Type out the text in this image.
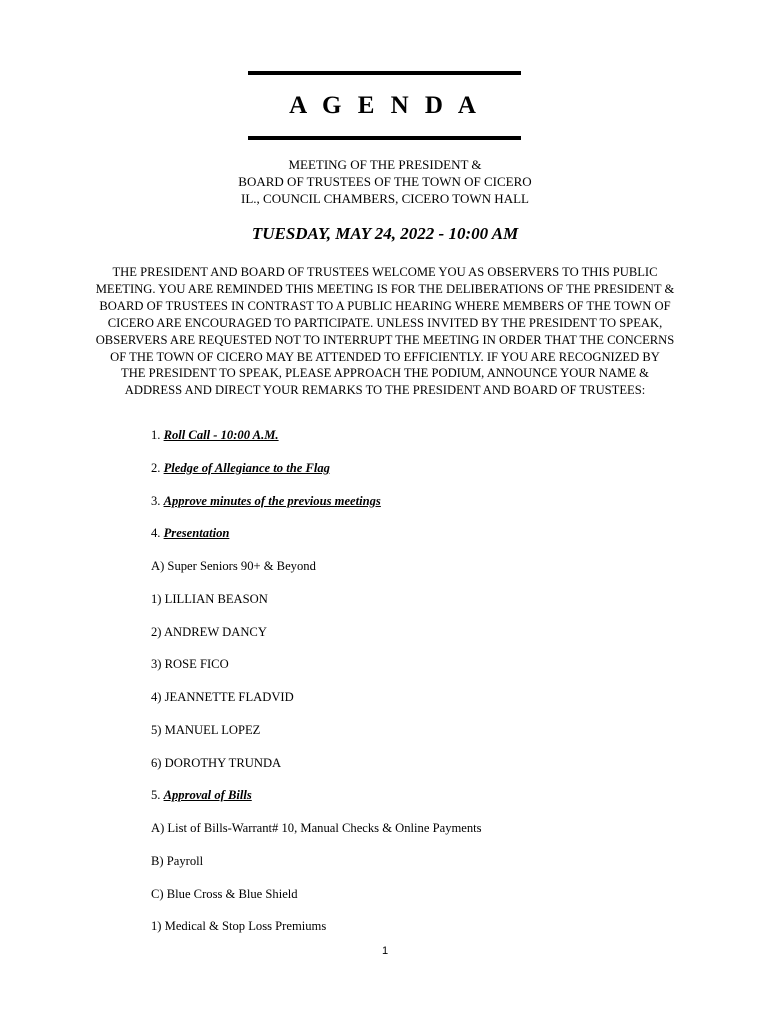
A G E N D A
MEETING OF THE PRESIDENT &
BOARD OF TRUSTEES OF THE TOWN OF CICERO
IL., COUNCIL CHAMBERS, CICERO TOWN HALL
TUESDAY, MAY 24, 2022 - 10:00 AM
THE PRESIDENT AND BOARD OF TRUSTEES WELCOME YOU AS OBSERVERS TO THIS PUBLIC
MEETING. YOU ARE REMINDED THIS MEETING IS FOR THE DELIBERATIONS OF THE PRESIDENT &
BOARD OF TRUSTEES IN CONTRAST TO A PUBLIC HEARING WHERE MEMBERS OF THE TOWN OF
CICERO ARE ENCOURAGED TO PARTICIPATE. UNLESS INVITED BY THE PRESIDENT TO SPEAK,
OBSERVERS ARE REQUESTED NOT TO INTERRUPT THE MEETING IN ORDER THAT THE CONCERNS
OF THE TOWN OF CICERO MAY BE ATTENDED TO EFFICIENTLY. IF YOU ARE RECOGNIZED BY
THE PRESIDENT TO SPEAK, PLEASE APPROACH THE PODIUM, ANNOUNCE YOUR NAME &
ADDRESS AND DIRECT YOUR REMARKS TO THE PRESIDENT AND BOARD OF TRUSTEES:
1. Roll Call - 10:00 A.M.
2. Pledge of Allegiance to the Flag
3. Approve minutes of the previous meetings
4. Presentation
A) Super Seniors 90+ & Beyond
1) LILLIAN BEASON
2) ANDREW DANCY
3) ROSE FICO
4) JEANNETTE FLADVID
5) MANUEL LOPEZ
6) DOROTHY TRUNDA
5. Approval of Bills
A) List of Bills-Warrant# 10, Manual Checks & Online Payments
B) Payroll
C) Blue Cross & Blue Shield
1) Medical & Stop Loss Premiums
1
